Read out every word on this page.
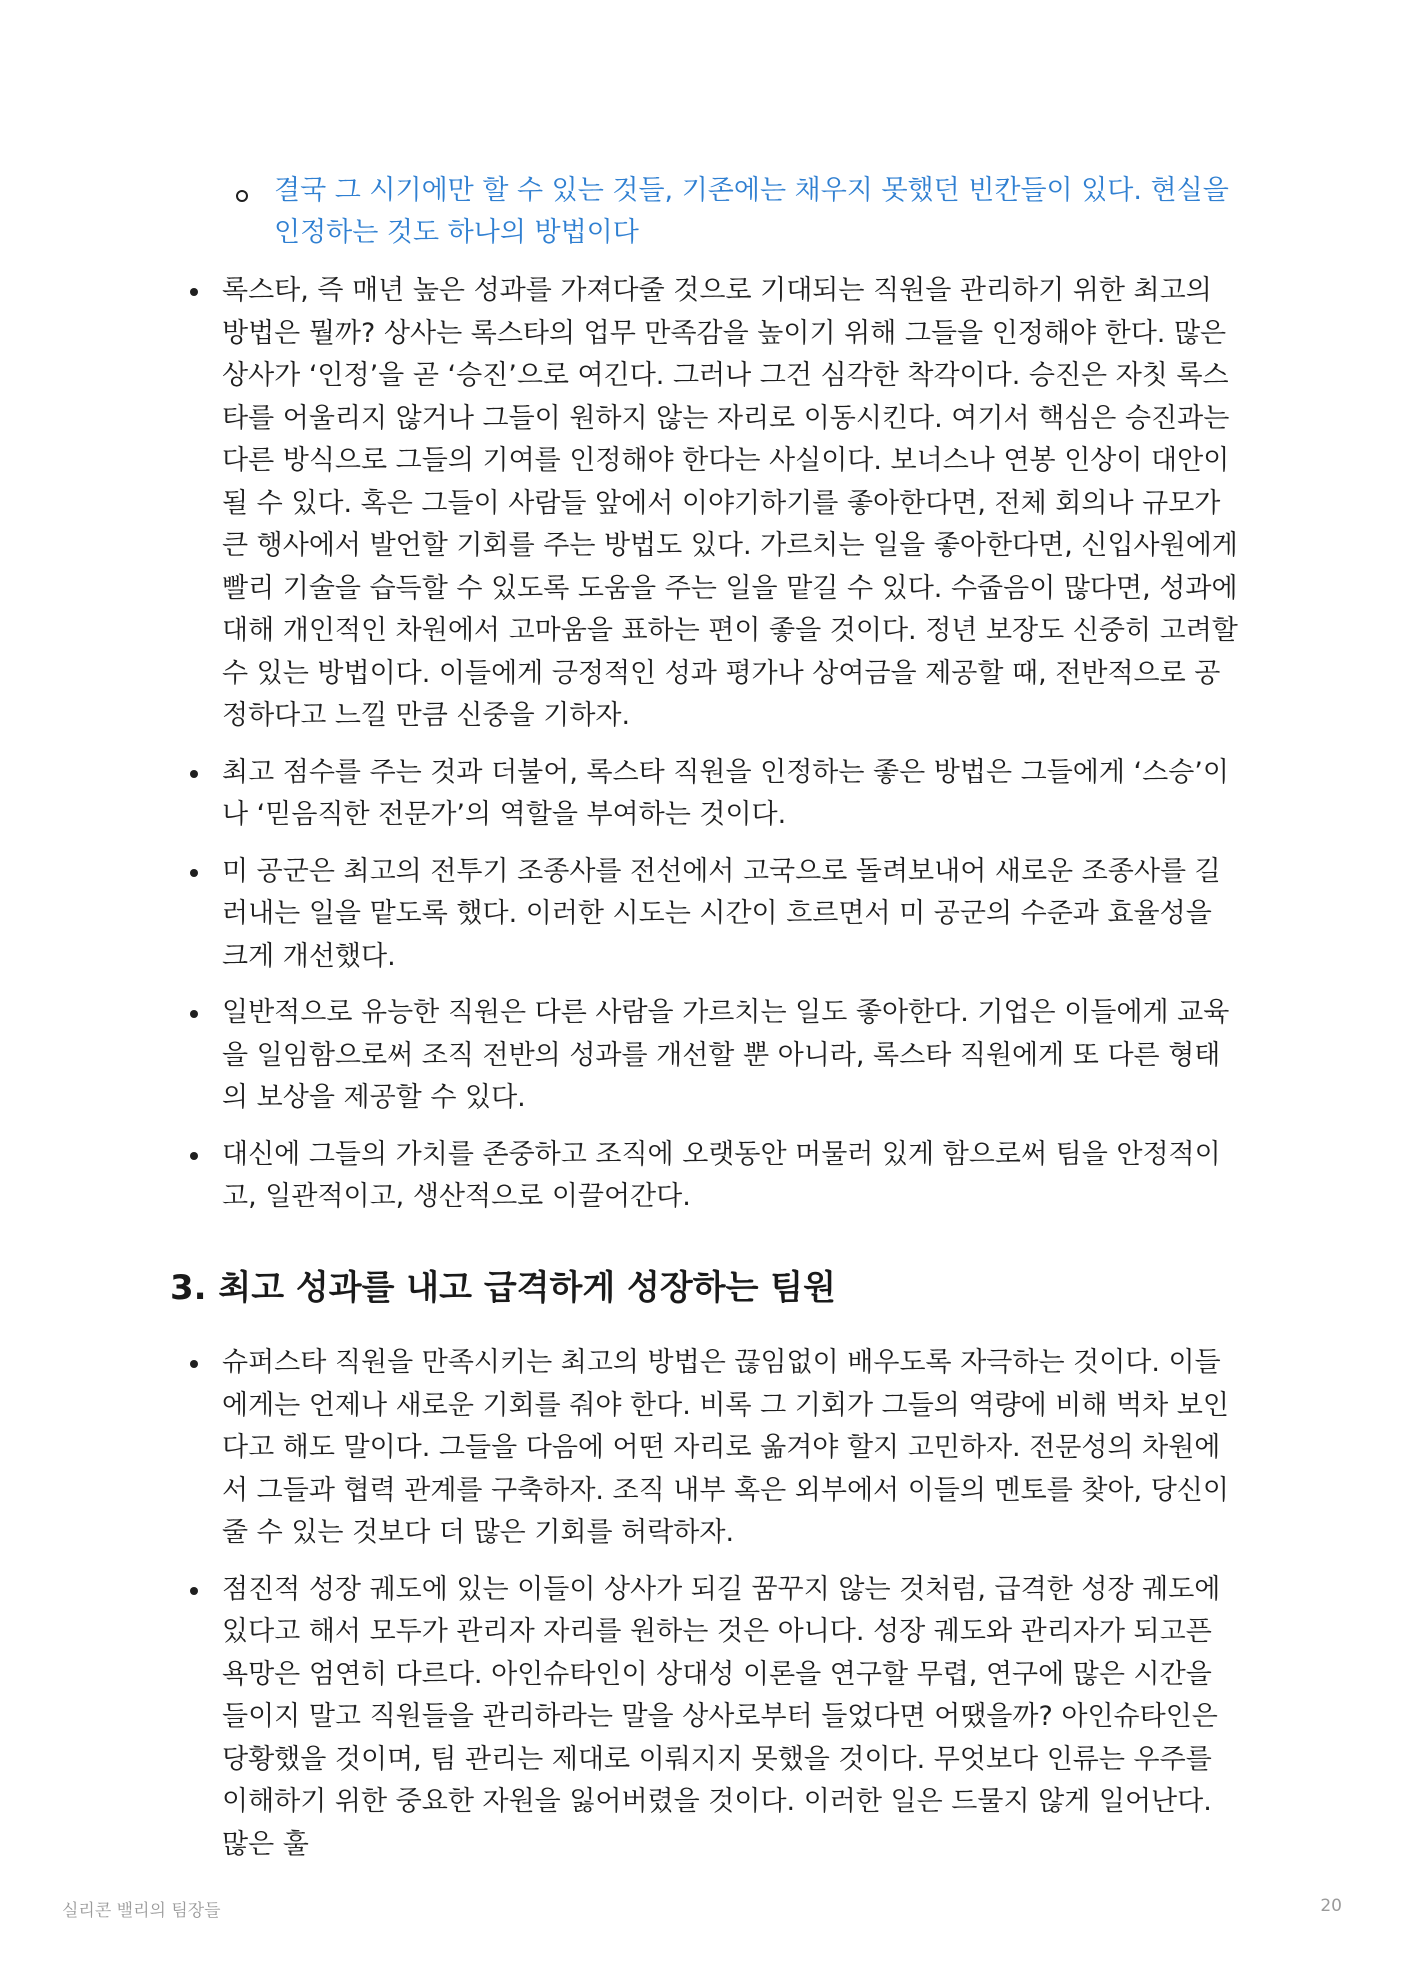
결국 그 시기에만 할 수 있는 것들, 기존에는 채우지 못했던 빈칸들이 있다. 현실을 인정하는 것도 하나의 방법이다
록스타, 즉 매년 높은 성과를 가져다줄 것으로 기대되는 직원을 관리하기 위한 최고의 방법은 뭘까? 상사는 록스타의 업무 만족감을 높이기 위해 그들을 인정해야 한다. 많은 상사가 ‘인정’을 곧 ‘승진’으로 여긴다. 그러나 그건 심각한 착각이다. 승진은 자칫 록스타를 어울리지 않거나 그들이 원하지 않는 자리로 이동시킨다. 여기서 핵심은 승진과는 다른 방식으로 그들의 기여를 인정해야 한다는 사실이다. 보너스나 연봉 인상이 대안이 될 수 있다. 혹은 그들이 사람들 앞에서 이야기하기를 좋아한다면, 전체 회의나 규모가 큰 행사에서 발언할 기회를 주는 방법도 있다. 가르치는 일을 좋아한다면, 신입사원에게 빨리 기술을 습득할 수 있도록 도움을 주는 일을 맡길 수 있다. 수줍음이 많다면, 성과에 대해 개인적인 차원에서 고마움을 표하는 편이 좋을 것이다. 정년 보장도 신중히 고려할 수 있는 방법이다. 이들에게 긍정적인 성과 평가나 상여금을 제공할 때, 전반적으로 공정하다고 느낄 만큼 신중을 기하자.
최고 점수를 주는 것과 더불어, 록스타 직원을 인정하는 좋은 방법은 그들에게 ‘스승’이나 ‘믿음직한 전문가’의 역할을 부여하는 것이다.
미 공군은 최고의 전투기 조종사를 전선에서 고국으로 돌려보내어 새로운 조종사를 길러내는 일을 맡도록 했다. 이러한 시도는 시간이 흐르면서 미 공군의 수준과 효율성을 크게 개선했다.
일반적으로 유능한 직원은 다른 사람을 가르치는 일도 좋아한다. 기업은 이들에게 교육을 일임함으로써 조직 전반의 성과를 개선할 뿐 아니라, 록스타 직원에게 또 다른 형태의 보상을 제공할 수 있다.
대신에 그들의 가치를 존중하고 조직에 오랫동안 머물러 있게 함으로써 팀을 안정적이고, 일관적이고, 생산적으로 이끌어간다.
3. 최고 성과를 내고 급격하게 성장하는 팀원
슈퍼스타 직원을 만족시키는 최고의 방법은 끊임없이 배우도록 자극하는 것이다. 이들에게는 언제나 새로운 기회를 줘야 한다. 비록 그 기회가 그들의 역량에 비해 벅차 보인다고 해도 말이다. 그들을 다음에 어떤 자리로 옮겨야 할지 고민하자. 전문성의 차원에서 그들과 협력 관계를 구축하자. 조직 내부 혹은 외부에서 이들의 멘토를 찾아, 당신이 줄 수 있는 것보다 더 많은 기회를 허락하자.
점진적 성장 궤도에 있는 이들이 상사가 되길 꿈꾸지 않는 것처럼, 급격한 성장 궤도에 있다고 해서 모두가 관리자 자리를 원하는 것은 아니다. 성장 궤도와 관리자가 되고픈 욕망은 엄연히 다르다. 아인슈타인이 상대성 이론을 연구할 무렵, 연구에 많은 시간을 들이지 말고 직원들을 관리하라는 말을 상사로부터 들었다면 어땠을까? 아인슈타인은 당황했을 것이며, 팀 관리는 제대로 이뤄지지 못했을 것이다. 무엇보다 인류는 우주를 이해하기 위한 중요한 자원을 잃어버렸을 것이다. 이러한 일은 드물지 않게 일어난다. 많은 훌
실리콘 밸리의 팀장들	20
